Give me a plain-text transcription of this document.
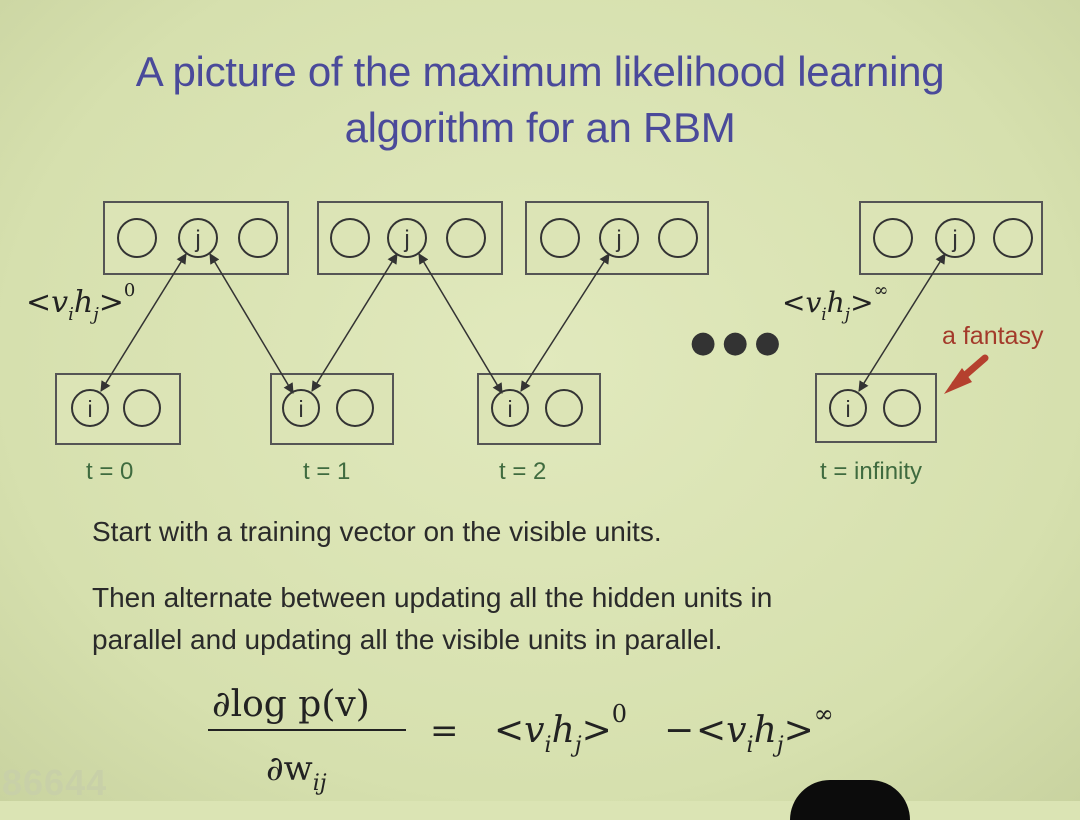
A picture of the maximum likelihood learning
algorithm for an RBM
j	j	j	j
i	i	i	i
$<v_ih_j>^0$	$<v_ih_j>^\infty$
●●●	a fantasy
t = 0	t = 1	t = 2	t = infinity
Start with a training vector on the visible units.
Then alternate between updating all the hidden units in
parallel and updating all the visible units in parallel.
∂log p(v)
$\partial w_{ij}$
= $<v_ih_j>^0 - <v_ih_j>^\infty$
86644
